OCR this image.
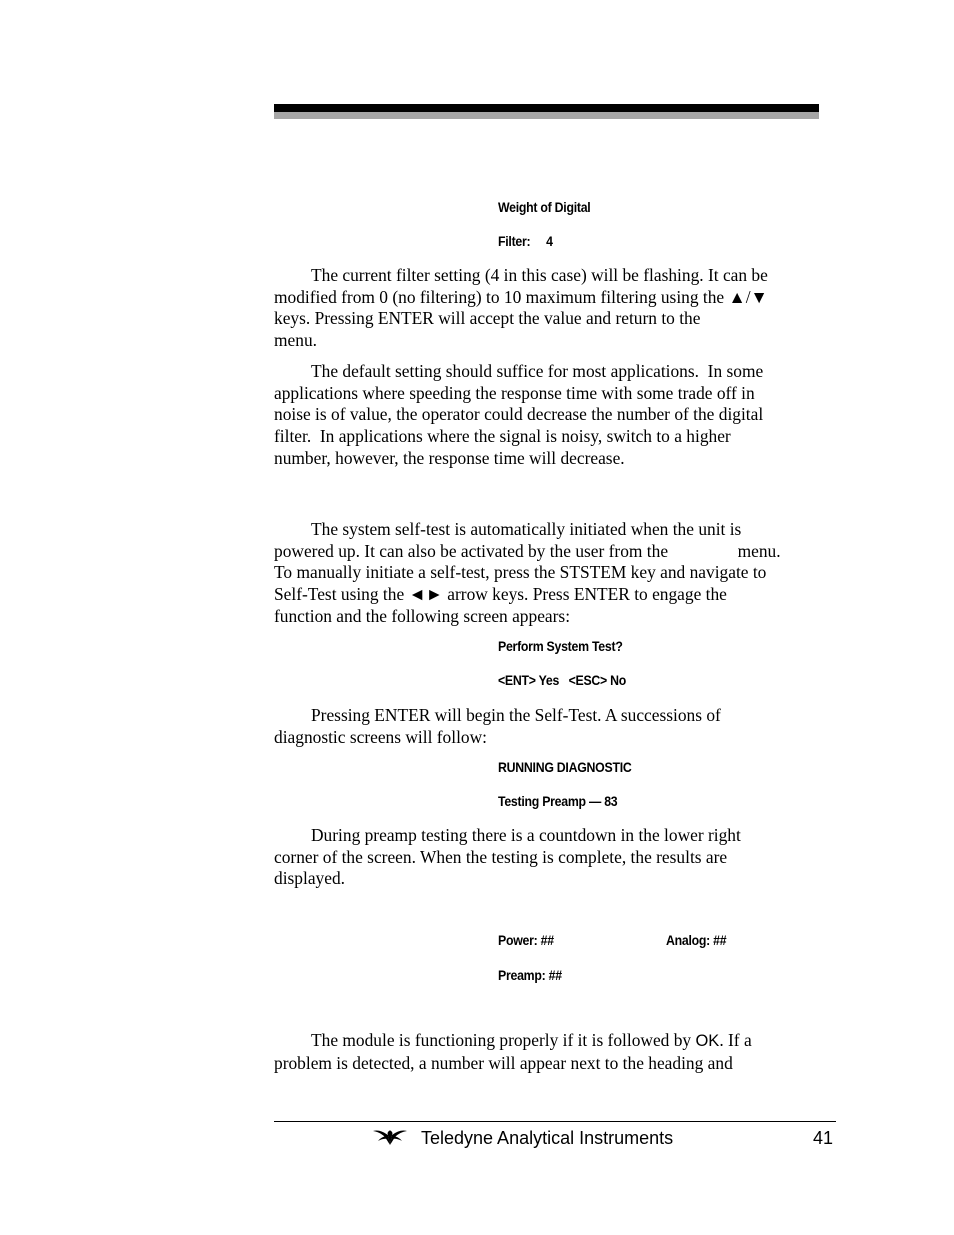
Weight of Digital
Filter:     4
The current filter setting (4 in this case) will be flashing. It can be
modified from 0 (no filtering) to 10 maximum filtering using the ▲/▼
keys. Pressing ENTER will accept the value and return to the
menu.
The default setting should suffice for most applications.  In some
applications where speeding the response time with some trade off in
noise is of value, the operator could decrease the number of the digital
filter.  In applications where the signal is noisy, switch to a higher
number, however, the response time will decrease.
The system self-test is automatically initiated when the unit is
powered up. It can also be activated by the user from the                menu.
To manually initiate a self-test, press the STSTEM key and navigate to
Self-Test using the ◄► arrow keys. Press ENTER to engage the
function and the following screen appears:
Perform System Test?
<ENT> Yes   <ESC> No
Pressing ENTER will begin the Self-Test. A successions of
diagnostic screens will follow:
RUNNING DIAGNOSTIC
Testing Preamp — 83
During preamp testing there is a countdown in the lower right
corner of the screen. When the testing is complete, the results are
displayed.
Power: ##	Analog: ##
Preamp: ##
The module is functioning properly if it is followed by OK. If a
problem is detected, a number will appear next to the heading and
Teledyne Analytical Instruments	41
